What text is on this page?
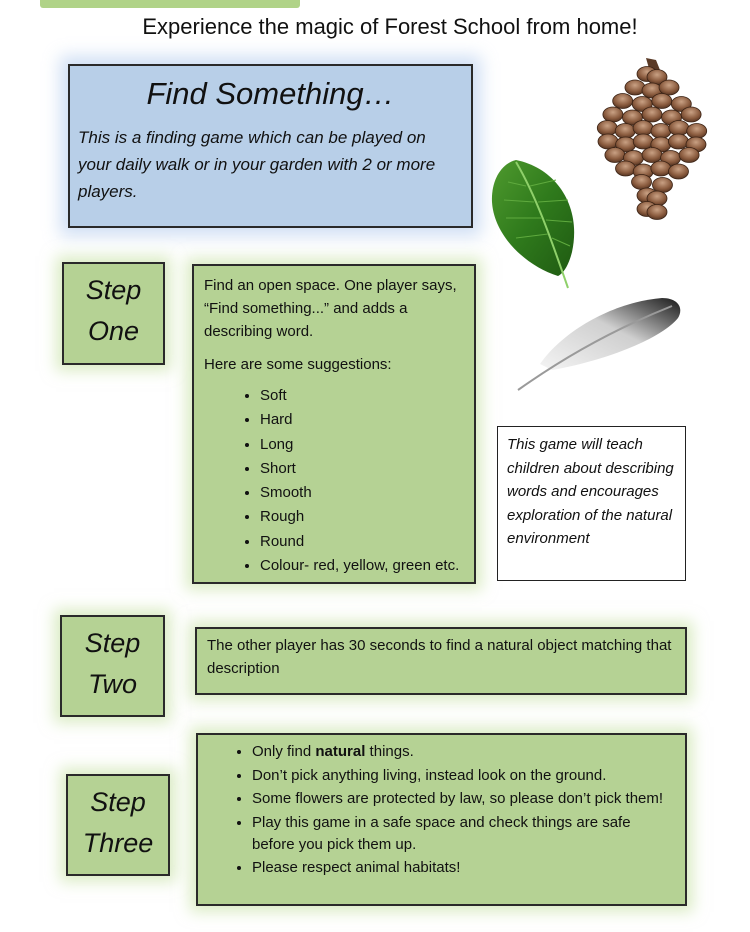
Experience the magic of Forest School from home!
Find Something…

This is a finding game which can be played on your daily walk or in your garden with 2 or more players.

Step
One

Find an open space. One player says, “Find something...” and adds a describing word.

Here are some suggestions:

• Soft
• Hard
• Long
• Short
• Smooth
• Rough
• Round
• Colour- red, yellow, green etc.
This game will teach children about describing words and encourages exploration of the natural environment
Step
Two
The other player has 30 seconds to find a natural object matching that description
Step
Three
• Only find natural things.
• Don’t pick anything living, instead look on the ground.
• Some flowers are protected by law, so please don’t pick them!
• Play this game in a safe space and check things are safe before you pick them up.
• Please respect animal habitats!
